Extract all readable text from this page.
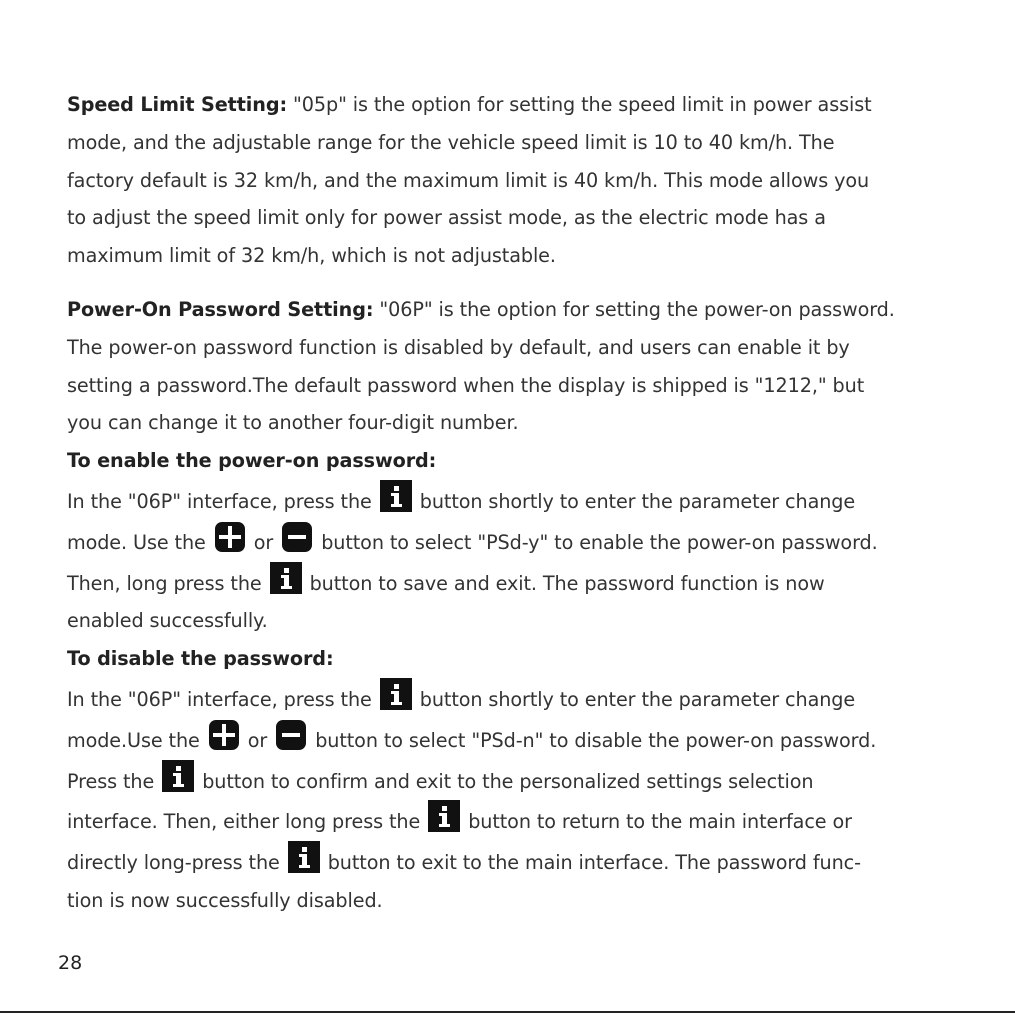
Speed Limit Setting: "05p" is the option for setting the speed limit in power assist
mode, and the adjustable range for the vehicle speed limit is 10 to 40 km/h. The
factory default is 32 km/h, and the maximum limit is 40 km/h. This mode allows you
to adjust the speed limit only for power assist mode, as the electric mode has a
maximum limit of 32 km/h, which is not adjustable.
Power-On Password Setting: "06P" is the option for setting the power-on password.
The power-on password function is disabled by default, and users can enable it by
setting a password.The default password when the display is shipped is "1212," but
you can change it to another four-digit number.
To enable the power-on password:
In the "06P" interface, press the	button shortly to enter the parameter change
mode. Use the	or	button to select "PSd-y" to enable the power-on password.
Then, long press the	button to save and exit. The password function is now
enabled successfully.
To disable the password:
In the "06P" interface, press the	button shortly to enter the parameter change
mode.Use the	or	button to select "PSd-n" to disable the power-on password.
Press the	button to confirm and exit to the personalized settings selection
interface. Then, either long press the	button to return to the main interface or
directly long-press the	button to exit to the main interface. The password func-
tion is now successfully disabled.
28
